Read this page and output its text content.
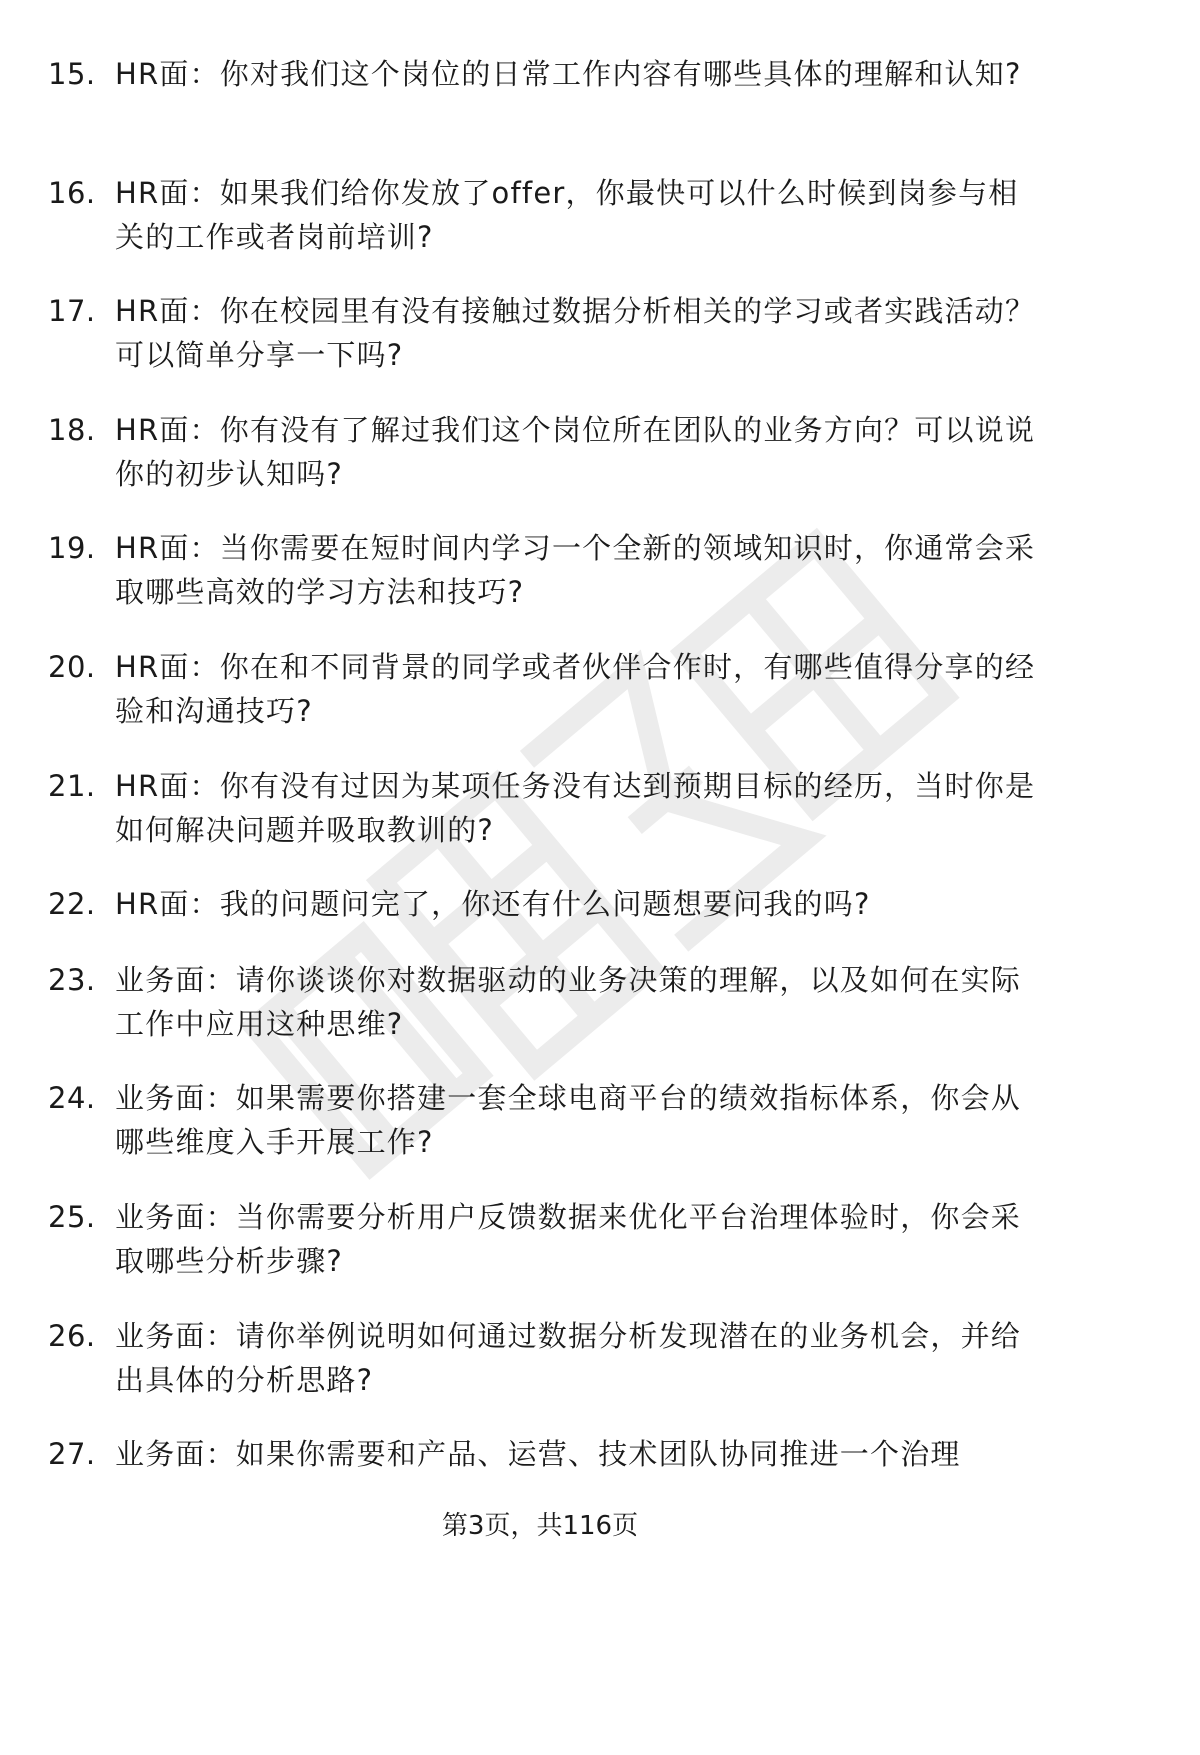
15. HR面：你对我们这个岗位的日常工作内容有哪些具体的理解和认知?
16. HR面：如果我们给你发放了offer，你最快可以什么时候到岗参与相关的工作或者岗前培训?
17. HR面：你在校园里有没有接触过数据分析相关的学习或者实践活动？可以简单分享一下吗?
18. HR面：你有没有了解过我们这个岗位所在团队的业务方向？可以说说你的初步认知吗?
19. HR面：当你需要在短时间内学习一个全新的领域知识时，你通常会采取哪些高效的学习方法和技巧?
20. HR面：你在和不同背景的同学或者伙伴合作时，有哪些值得分享的经验和沟通技巧?
21. HR面：你有没有过因为某项任务没有达到预期目标的经历，当时你是如何解决问题并吸取教训的?
22. HR面：我的问题问完了，你还有什么问题想要问我的吗?
23. 业务面：请你谈谈你对数据驱动的业务决策的理解，以及如何在实际工作中应用这种思维?
24. 业务面：如果需要你搭建一套全球电商平台的绩效指标体系，你会从哪些维度入手开展工作?
25. 业务面：当你需要分析用户反馈数据来优化平台治理体验时，你会采取哪些分析步骤?
26. 业务面：请你举例说明如何通过数据分析发现潜在的业务机会，并给出具体的分析思路?
27. 业务面：如果你需要和产品、运营、技术团队协同推进一个治理
第3页，共116页
